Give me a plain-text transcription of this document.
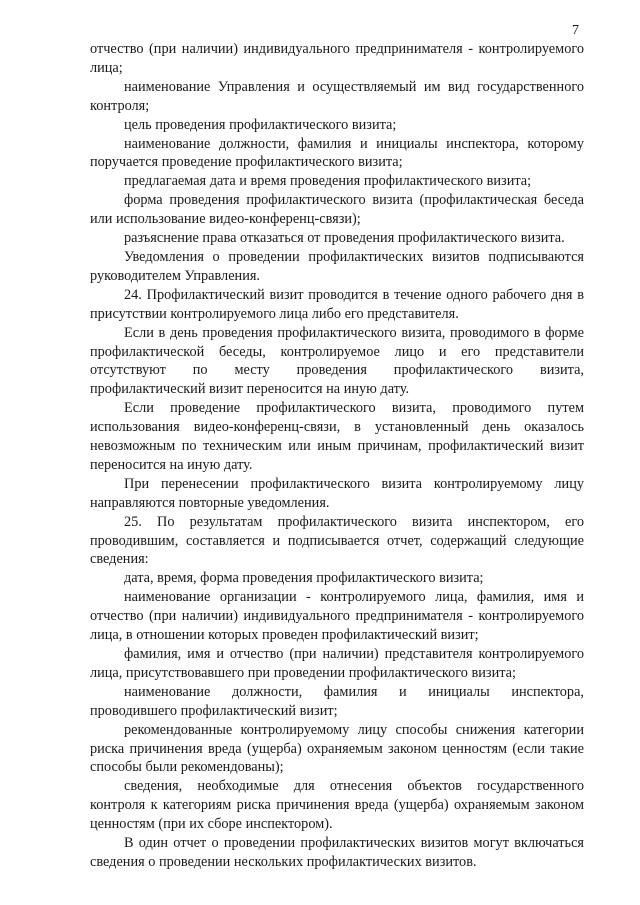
7

отчество (при наличии) индивидуального предпринимателя - контролируемого лица;

наименование Управления и осуществляемый им вид государственного контроля;

цель проведения профилактического визита;

наименование должности, фамилия и инициалы инспектора, которому поручается проведение профилактического визита;

предлагаемая дата и время проведения профилактического визита;

форма проведения профилактического визита (профилактическая беседа или использование видео-конференц-связи);

разъяснение права отказаться от проведения профилактического визита.

Уведомления о проведении профилактических визитов подписываются руководителем Управления.

24. Профилактический визит проводится в течение одного рабочего дня в присутствии контролируемого лица либо его представителя.

Если в день проведения профилактического визита, проводимого в форме профилактической беседы, контролируемое лицо и его представители отсутствуют по месту проведения профилактического визита, профилактический визит переносится на иную дату.

Если проведение профилактического визита, проводимого путем использования видео-конференц-связи, в установленный день оказалось невозможным по техническим или иным причинам, профилактический визит переносится на иную дату.

При перенесении профилактического визита контролируемому лицу направляются повторные уведомления.

25. По результатам профилактического визита инспектором, его проводившим, составляется и подписывается отчет, содержащий следующие сведения:

дата, время, форма проведения профилактического визита;

наименование организации - контролируемого лица, фамилия, имя и отчество (при наличии) индивидуального предпринимателя - контролируемого лица, в отношении которых проведен профилактический визит;

фамилия, имя и отчество (при наличии) представителя контролируемого лица, присутствовавшего при проведении профилактического визита;

наименование должности, фамилия и инициалы инспектора, проводившего профилактический визит;

рекомендованные контролируемому лицу способы снижения категории риска причинения вреда (ущерба) охраняемым законом ценностям (если такие способы были рекомендованы);

сведения, необходимые для отнесения объектов государственного контроля к категориям риска причинения вреда (ущерба) охраняемым законом ценностям (при их сборе инспектором).

В один отчет о проведении профилактических визитов могут включаться сведения о проведении нескольких профилактических визитов.
